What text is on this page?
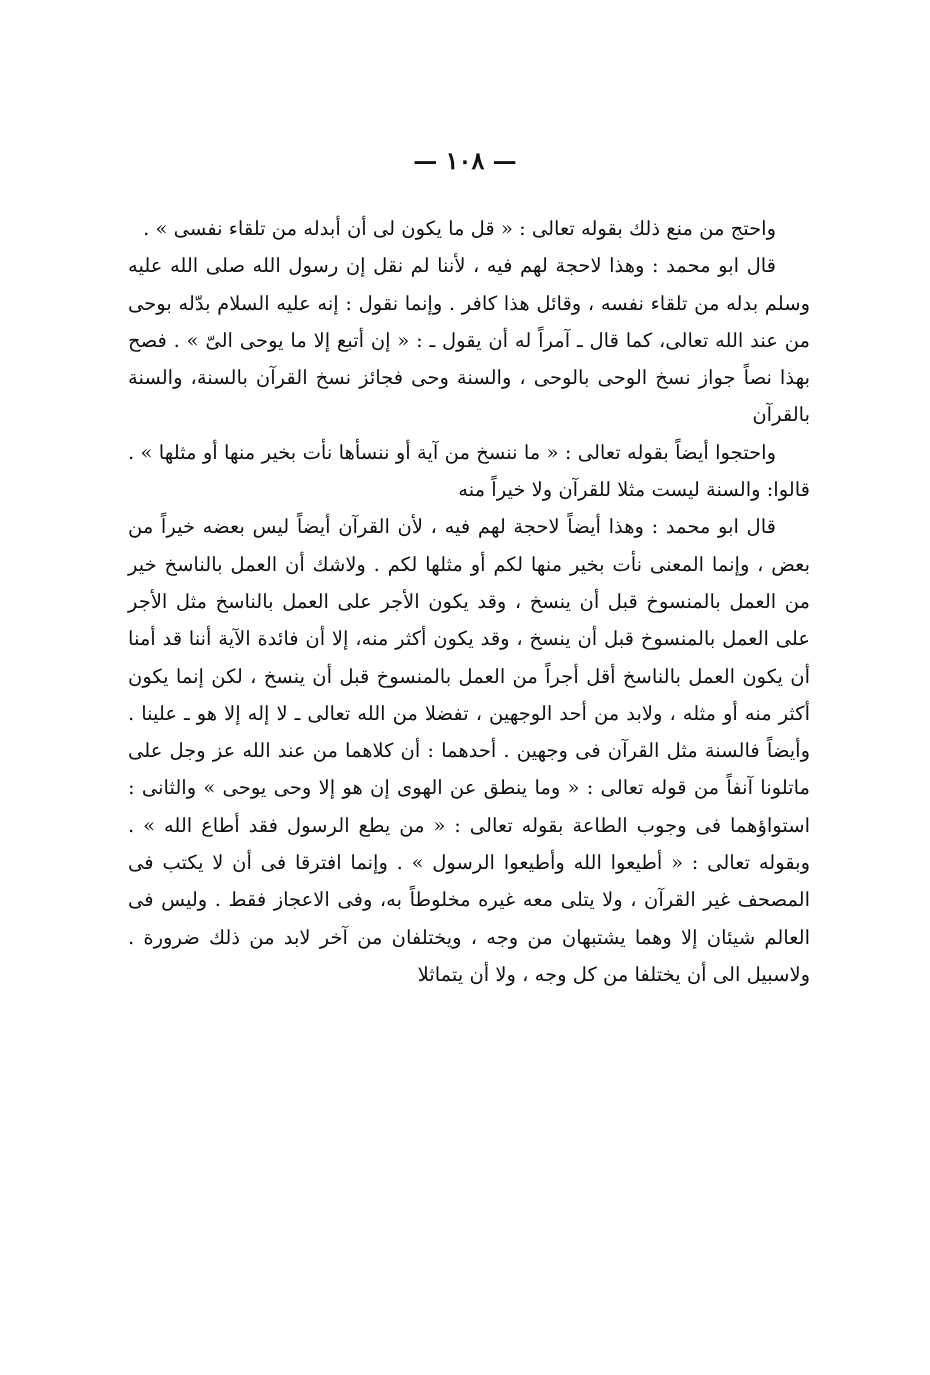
— ١٠٨ —

واحتج من منع ذلك بقوله تعالى : « قل ما يكون لى أن أبدله من تلقاء نفسى » .

قال ابو محمد : وهذا لاحجة لهم فيه ، لأننا لم نقل إن رسول الله صلى الله عليه وسلم بدله من تلقاء نفسه ، وقائل هذا كافر . وإنما نقول : إنه عليه السلام بدّله بوحى من عند الله تعالى، كما قال ـ آمراً له أن يقول ـ : « إن أتبع إلا ما يوحى الىّ » . فصح بهذا نصاً جواز نسخ الوحى بالوحى ، والسنة وحى فجائز نسخ القرآن بالسنة، والسنة بالقرآن

واحتجوا أيضاً بقوله تعالى : « ما ننسخ من آية أو ننسأها نأت بخير منها أو مثلها » . قالوا: والسنة ليست مثلا للقرآن ولا خيراً منه

قال ابو محمد : وهذا أيضاً لاحجة لهم فيه ، لأن القرآن أيضاً ليس بعضه خيراً من بعض ، وإنما المعنى نأت بخير منها لكم أو مثلها لكم . ولاشك أن العمل بالناسخ خير من العمل بالمنسوخ قبل أن ينسخ ، وقد يكون الأجر على العمل بالناسخ مثل الأجر على العمل بالمنسوخ قبل أن ينسخ ، وقد يكون أكثر منه، إلا أن فائدة الآية أننا قد أمنا أن يكون العمل بالناسخ أقل أجراً من العمل بالمنسوخ قبل أن ينسخ ، لكن إنما يكون أكثر منه أو مثله ، ولابد من أحد الوجهين ، تفضلا من الله تعالى ـ لا إله إلا هو ـ علينا . وأيضاً فالسنة مثل القرآن فى وجهين . أحدهما : أن كلاهما من عند الله عز وجل على ماتلونا آنفاً من قوله تعالى : « وما ينطق عن الهوى إن هو إلا وحى يوحى » والثانى : استواؤهما فى وجوب الطاعة بقوله تعالى : « من يطع الرسول فقد أطاع الله » . وبقوله تعالى : « أطيعوا الله وأطيعوا الرسول » . وإنما افترقا فى أن لا يكتب فى المصحف غير القرآن ، ولا يتلى معه غيره مخلوطاً به، وفى الاعجاز فقط . وليس فى العالم شيئان إلا وهما يشتبهان من وجه ، ويختلفان من آخر لابد من ذلك ضرورة . ولاسبيل الى أن يختلفا من كل وجه ، ولا أن يتماثلا
